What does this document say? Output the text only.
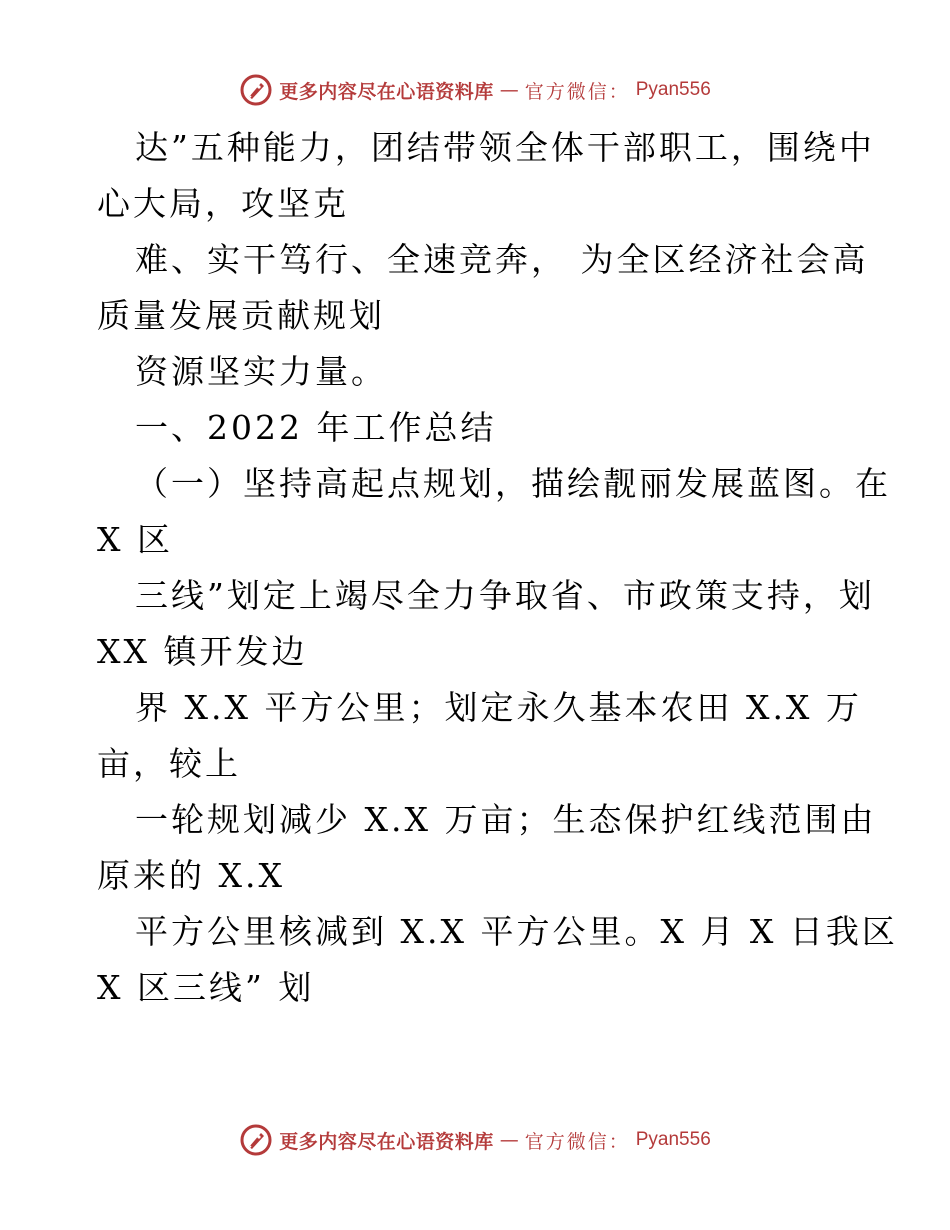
更多内容尽在心语资料库 — 官方微信： Pyan556
达”五种能力，团结带领全体干部职工，围绕中
心大局，攻坚克
难、实干笃行、全速竞奔， 为全区经济社会高
质量发展贡献规划
资源坚实力量。
一、2022 年工作总结
（一）坚持高起点规划，描绘靓丽发展蓝图。在
X 区
三线”划定上竭尽全力争取省、市政策支持，划
XX 镇开发边
界 X.X 平方公里；划定永久基本农田 X.X 万
亩，较上
一轮规划减少 X.X 万亩；生态保护红线范围由
原来的 X.X
平方公里核减到 X.X 平方公里。X 月 X 日我区
X 区三线” 划
更多内容尽在心语资料库 — 官方微信： Pyan556
